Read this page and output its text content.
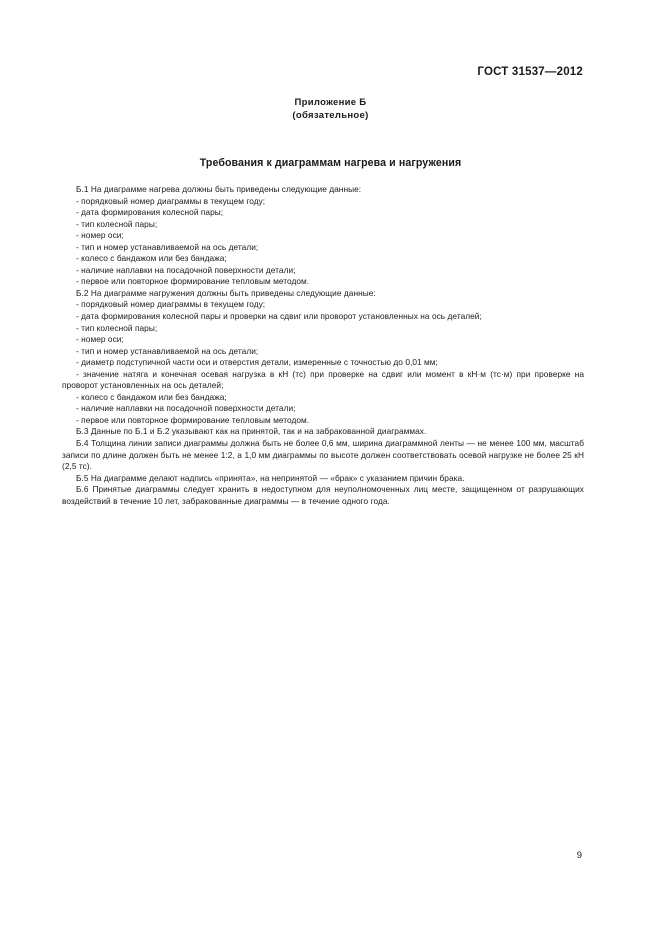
ГОСТ 31537—2012
Приложение Б
(обязательное)
Требования к диаграммам нагрева и нагружения

Б.1 На диаграмме нагрева должны быть приведены следующие данные:

- порядковый номер диаграммы в текущем году;

- дата формирования колесной пары;

- тип колесной пары;

- номер оси;

- тип и номер устанавливаемой на ось детали;

- колесо с бандажом или без бандажа;

- наличие наплавки на посадочной поверхности детали;

- первое или повторное формирование тепловым методом.

Б.2 На диаграмме нагружения должны быть приведены следующие данные:

- порядковый номер диаграммы в текущем году;

- дата формирования колесной пары и проверки на сдвиг или проворот установленных на ось деталей;

- тип колесной пары;

- номер оси;

- тип и номер устанавливаемой на ось детали;

- диаметр подступичной части оси и отверстия детали, измеренные с точностью до 0,01 мм;

- значение натяга и конечная осевая нагрузка в кН (тс) при проверке на сдвиг или момент в кН·м (тс·м) при проверке на проворот установленных на ось деталей;

- колесо с бандажом или без бандажа;

- наличие наплавки на посадочной поверхности детали;

- первое или повторное формирование тепловым методом.

Б.3 Данные по Б.1 и Б.2 указывают как на принятой, так и на забракованной диаграммах.

Б.4 Толщина линии записи диаграммы должна быть не более 0,6 мм, ширина диаграммной ленты — не менее 100 мм, масштаб записи по длине должен быть не менее 1:2, а 1,0 мм диаграммы по высоте должен соответствовать осевой нагрузке не более 25 кН (2,5 тс).

Б.5 На диаграмме делают надпись «принята», на непринятой — «брак» с указанием причин брака.

Б.6 Принятые диаграммы следует хранить в недоступном для неуполномоченных лиц месте, защищенном от разрушающих воздействий в течение 10 лет, забракованные диаграммы — в течение одного года.

9
